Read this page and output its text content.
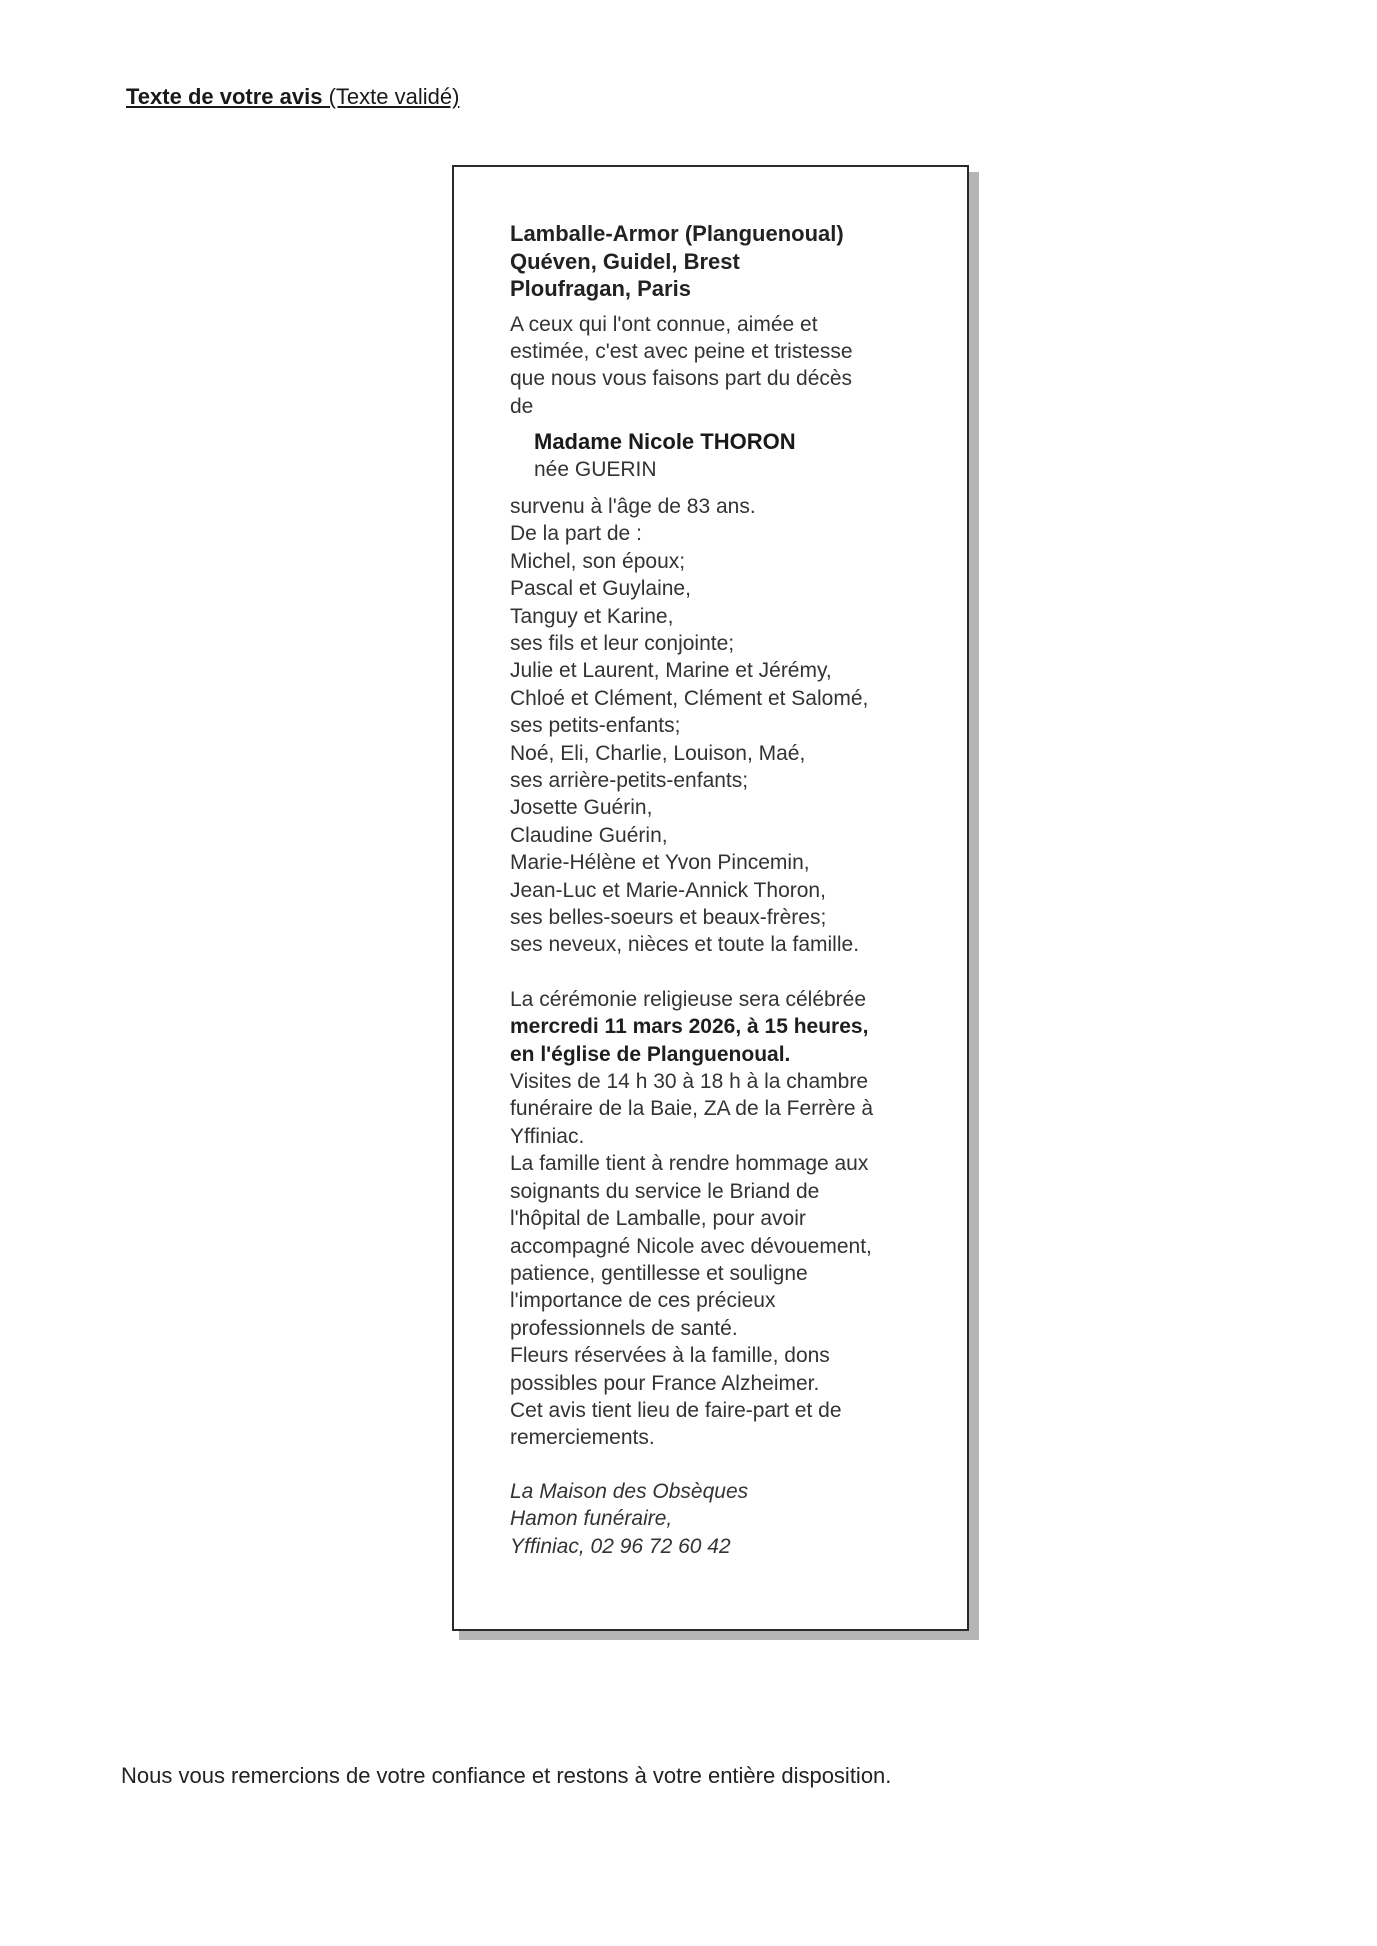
Texte de votre avis (Texte validé)
Lamballe-Armor (Planguenoual)
Quéven, Guidel, Brest
Ploufragan, Paris
A ceux qui l'ont connue, aimée et
estimée, c'est avec peine et tristesse
que nous vous faisons part du décès
de
Madame Nicole THORON
née GUERIN
survenu à l'âge de 83 ans.
De la part de :
Michel, son époux;
Pascal et Guylaine,
Tanguy et Karine,
ses fils et leur conjointe;
Julie et Laurent, Marine et Jérémy,
Chloé et Clément, Clément et Salomé,
ses petits-enfants;
Noé, Eli, Charlie, Louison, Maé,
ses arrière-petits-enfants;
Josette Guérin,
Claudine Guérin,
Marie-Hélène et Yvon Pincemin,
Jean-Luc et Marie-Annick Thoron,
ses belles-soeurs et beaux-frères;
ses neveux, nièces et toute la famille.
La cérémonie religieuse sera célébrée
mercredi 11 mars 2026, à 15 heures,
en l'église de Planguenoual.
Visites de 14 h 30 à 18 h à la chambre
funéraire de la Baie, ZA de la Ferrère à
Yffiniac.
La famille tient à rendre hommage aux
soignants du service le Briand de
l'hôpital de Lamballe, pour avoir
accompagné Nicole avec dévouement,
patience, gentillesse et souligne
l'importance de ces précieux
professionnels de santé.
Fleurs réservées à la famille, dons
possibles pour France Alzheimer.
Cet avis tient lieu de faire-part et de
remerciements.
La Maison des Obsèques
Hamon funéraire,
Yffiniac, 02 96 72 60 42
Nous vous remercions de votre confiance et restons à votre entière disposition.
